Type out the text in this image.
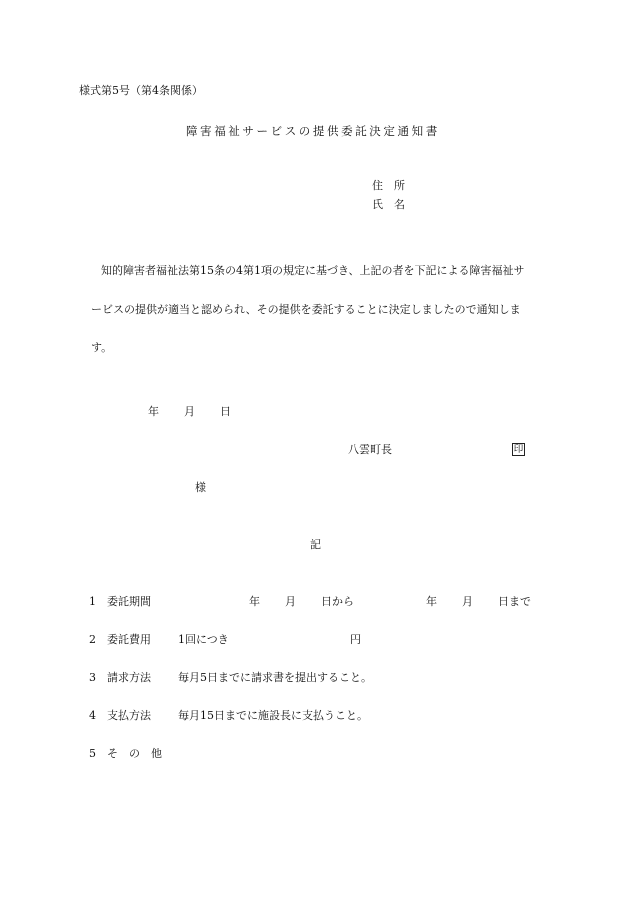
様式第5号（第4条関係）
障害福祉サービスの提供委託決定通知書
住　所
氏　名
知的障害者福祉法第15条の4第1項の規定に基づき、上記の者を下記による障害福祉サ
ービスの提供が適当と認められ、その提供を委託することに決定しましたので通知しま
す。
年 月 日
八雲町長	印
様
記
1 委託期間	年 月 日から	年 月 日まで
2 委託費用 1回につき	円
3 請求方法 毎月5日までに請求書を提出すること。
4 支払方法 毎月15日までに施設長に支払うこと。
5 そ　の　他
